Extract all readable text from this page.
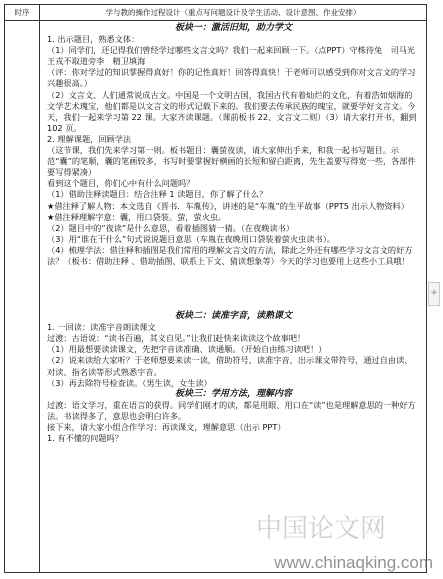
时序	学与教的操作过程设计（重点写问题设计及学生活动、设计意图、作业安排）

板块一：激活旧知，助力学文

1. 出示题目，熟悉文体：

（1）同学们，还记得我们曾经学过哪些文言文吗？我们一起来回顾一下。（点PPT）守株待兔　司马光　王戎不取道旁李　精卫填海

（评：你对学过的知识掌握得真好！你的记性真好！回答得真快！于老师可以感受到你对文言文的学习兴趣很高。）

（2）文言文、人们通常说成古文。中国是一个文明古国，我国古代有着灿烂的文化，有着浩如烟海的文学艺术瑰宝，他们都是以文言文的形式记载下来的。我们要去传承民族的瑰宝，就要学好文言文。今天，我们一起来学习第 22 课。大家齐读课题。（课前板书 22、文言文二则）（3）请大家打开书，翻到 102 页。

2. 理解课题，回顾学法

（这节课，我们先来学习第一则。板书题目：囊萤夜读，请大家伸出手来，和我一起书写题目。示范“囊”的笔顺，囊的笔画较多，书写时要掌握好横画的长短和留白距离，先生盖要写得宽一些，各部件要写得紧凑）

看到这个题目，你们心中有什么问题吗？

（1）借助注释读题目：结合注释 1 读题目，你了解了什么？

★借注释了解人物：本文选自《晋书．车胤传》，讲述的是“车胤”的生平故事（PPT5 出示人物资料）

★借注释理解字意：囊，用口袋装。萤，萤火虫。

（2）题目中的“夜读”是什么意思，看着插图猜一猜。（在夜晚读书）

（3）用“谁在干什么”句式说说题目意思（车胤在夜晚用口袋装着萤火虫读书）。

（4）梳理学法：借注释和插图是我们常用的理解文言文的方法，除此之外还有哪些学习文言文的好方法？（板书：借助注释 、借助插图、联系上下文、猜读想象等）今天的学习也要用上这些小工具哦！

板块二：读准字音，读熟课文

1. 一回读：读准字音朗读课文

过渡：古语说：“读书百遍，其义自见。”让我们赶快来读读这个故事吧！

（1）用最想要读读课文，先把字音读准确、读通顺。（开始自由练习读吧！）

（2）说来读给大家听？于老师想要来读一读，借助符号，读准字音，出示课文带符号，通过自由读、对读、指名读等形式熟悉字音。

（3）再去除符号检查读。（男生读，女生读）

板块三：学用方法，理解内容

过渡：语文学习，重在语言的获得。同学们刚才的读，都是用眼、用口在“读”也是理解意思的一种好方法。书读得多了，意思也会明白许多。

接下来，请大家小组合作学习：再读课文，理解意思（出示 PPT）

1. 有不懂的问题吗？

+
中国论文网
www.chinaqking.com
